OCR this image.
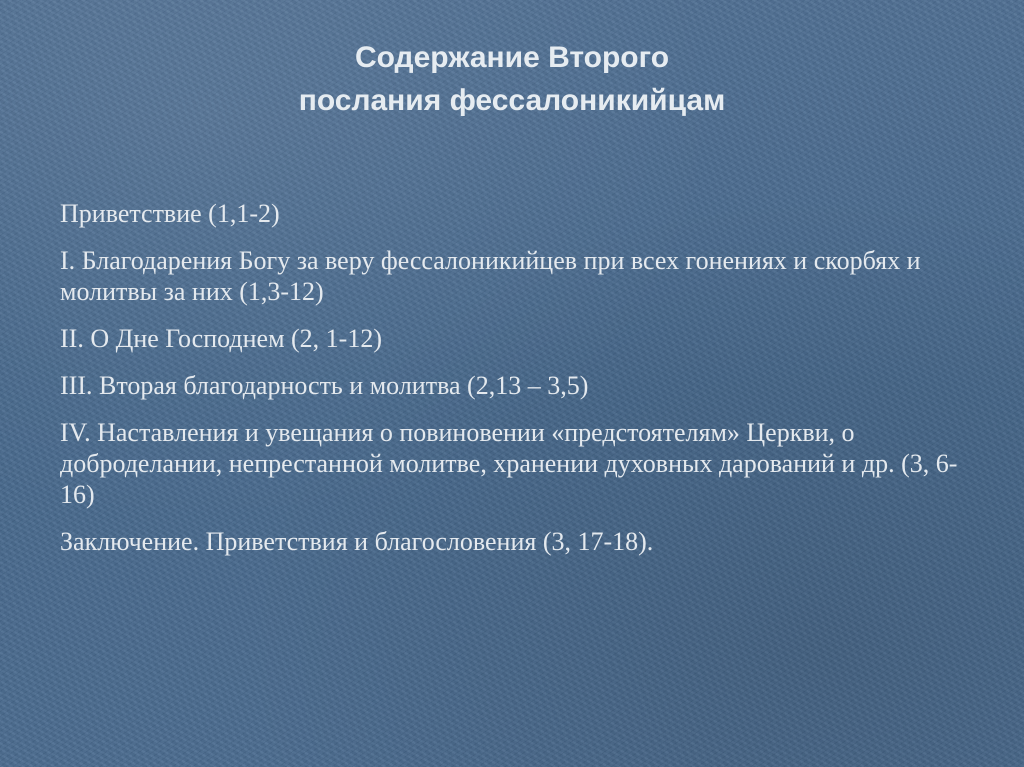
Содержание Второго
послания фессалоникийцам

Приветствие (1,1-2)

I. Благодарения Богу за веру фессалоникийцев при всех гонениях и скорбях и молитвы за них (1,3-12)

II. О Дне Господнем (2, 1-12)

III. Вторая благодарность и молитва (2,13 – 3,5)

IV. Наставления и увещания о повиновении «предстоятелям» Церкви, о доброделании, непрестанной молитве, хранении духовных дарований и др. (3, 6-16)

Заключение. Приветствия и благословения (3, 17-18).
